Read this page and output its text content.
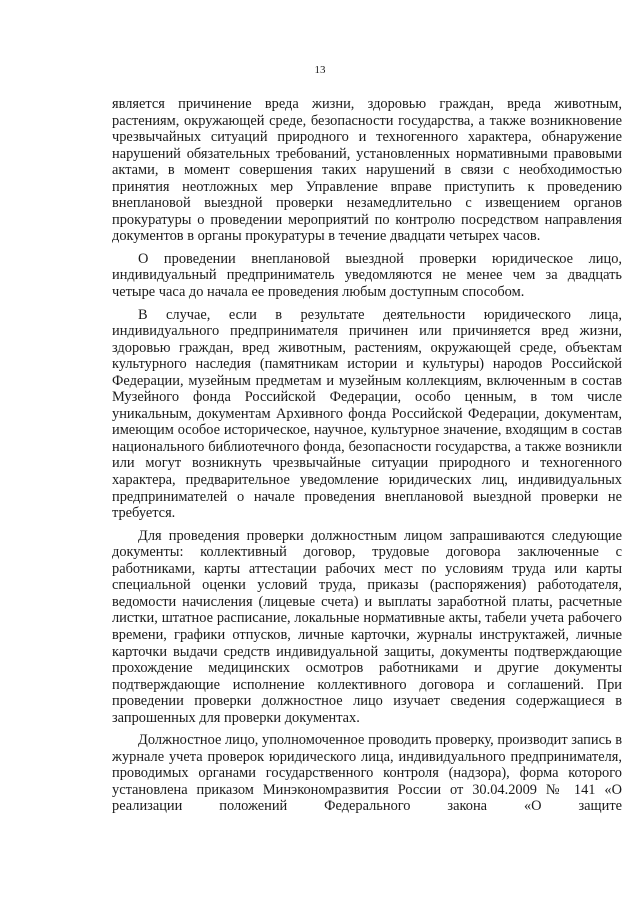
13

является причинение вреда жизни, здоровью граждан, вреда животным, растениям, окружающей среде, безопасности государства, а также возникновение чрезвычайных ситуаций природного и техногенного характера, обнаружение нарушений обязательных требований, установленных нормативными правовыми актами, в момент совершения таких нарушений в связи с необходимостью принятия неотложных мер Управление вправе приступить к проведению внеплановой выездной проверки незамедлительно с извещением органов прокуратуры о проведении мероприятий по контролю посредством направления документов в органы прокуратуры в течение двадцати четырех часов.

О проведении внеплановой выездной проверки юридическое лицо, индивидуальный предприниматель уведомляются не менее чем за двадцать четыре часа до начала ее проведения любым доступным способом.

В случае, если в результате деятельности юридического лица, индивидуального предпринимателя причинен или причиняется вред жизни, здоровью граждан, вред животным, растениям, окружающей среде, объектам культурного наследия (памятникам истории и культуры) народов Российской Федерации, музейным предметам и музейным коллекциям, включенным в состав Музейного фонда Российской Федерации, особо ценным, в том числе уникальным, документам Архивного фонда Российской Федерации, документам, имеющим особое историческое, научное, культурное значение, входящим в состав национального библиотечного фонда, безопасности государства, а также возникли или могут возникнуть чрезвычайные ситуации природного и техногенного характера, предварительное уведомление юридических лиц, индивидуальных предпринимателей о начале проведения внеплановой выездной проверки не требуется.

Для проведения проверки должностным лицом запрашиваются следующие документы: коллективный договор, трудовые договора заключенные с работниками, карты аттестации рабочих мест по условиям труда или карты специальной оценки условий труда, приказы (распоряжения) работодателя, ведомости начисления (лицевые счета) и выплаты заработной платы, расчетные листки, штатное расписание, локальные нормативные акты, табели учета рабочего времени, графики отпусков, личные карточки, журналы инструктажей, личные карточки выдачи средств индивидуальной защиты, документы подтверждающие прохождение медицинских осмотров работниками и другие документы подтверждающие исполнение коллективного договора и соглашений. При проведении проверки должностное лицо изучает сведения содержащиеся в запрошенных для проверки документах.

Должностное лицо, уполномоченное проводить проверку, производит запись в журнале учета проверок юридического лица, индивидуального предпринимателя, проводимых органами государственного контроля (надзора), форма которого установлена приказом Минэкономразвития России от 30.04.2009 № 141 «О реализации положений Федерального закона «О защите
